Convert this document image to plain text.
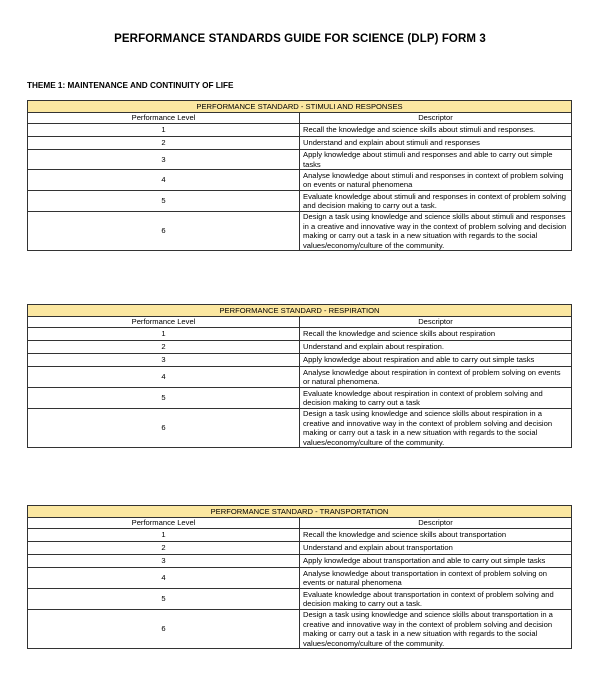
PERFORMANCE STANDARDS GUIDE FOR SCIENCE (DLP) FORM 3
THEME 1: MAINTENANCE AND CONTINUITY OF LIFE
PERFORMANCE STANDARD - STIMULI AND RESPONSES	
Performance Level	Descriptor
1	Recall the knowledge and science skills about stimuli and responses.
2	Understand and explain about stimuli and responses
3	Apply knowledge about stimuli and responses and able to carry out simple tasks
4	Analyse knowledge about stimuli and responses in context of problem solving on events or natural phenomena
5	Evaluate knowledge about stimuli and responses in context of problem solving and decision making to carry out a task.
6	Design a task using knowledge and science skills about stimuli and responses in a creative and innovative way in the context of problem solving and decision making or carry out a task in a new situation with regards to the social values/economy/culture of the community.
PERFORMANCE STANDARD - RESPIRATION	
Performance Level	Descriptor
1	Recall the knowledge and science skills about respiration
2	Understand and explain about respiration.
3	Apply knowledge about respiration and able to carry out simple tasks
4	Analyse knowledge about respiration in context of problem solving on events or natural phenomena.
5	Evaluate knowledge about respiration in context of problem solving and decision making to carry out a task
6	Design a task using knowledge and science skills about respiration in a creative and innovative way in the context of problem solving and decision making or carry out a task in a new situation with regards to the social values/economy/culture of the community.
PERFORMANCE STANDARD - TRANSPORTATION	
Performance Level	Descriptor
1	Recall the knowledge and science skills about transportation
2	Understand and explain about transportation
3	Apply knowledge about transportation and able to carry out simple tasks
4	Analyse knowledge about transportation in context of problem solving on events or natural phenomena
5	Evaluate knowledge about transportation in context of problem solving and decision making to carry out a task.
6	Design a task using knowledge and science skills about transportation in a creative and innovative way in the context of problem solving and decision making or carry out a task in a new situation with regards to the social values/economy/culture of the community.
